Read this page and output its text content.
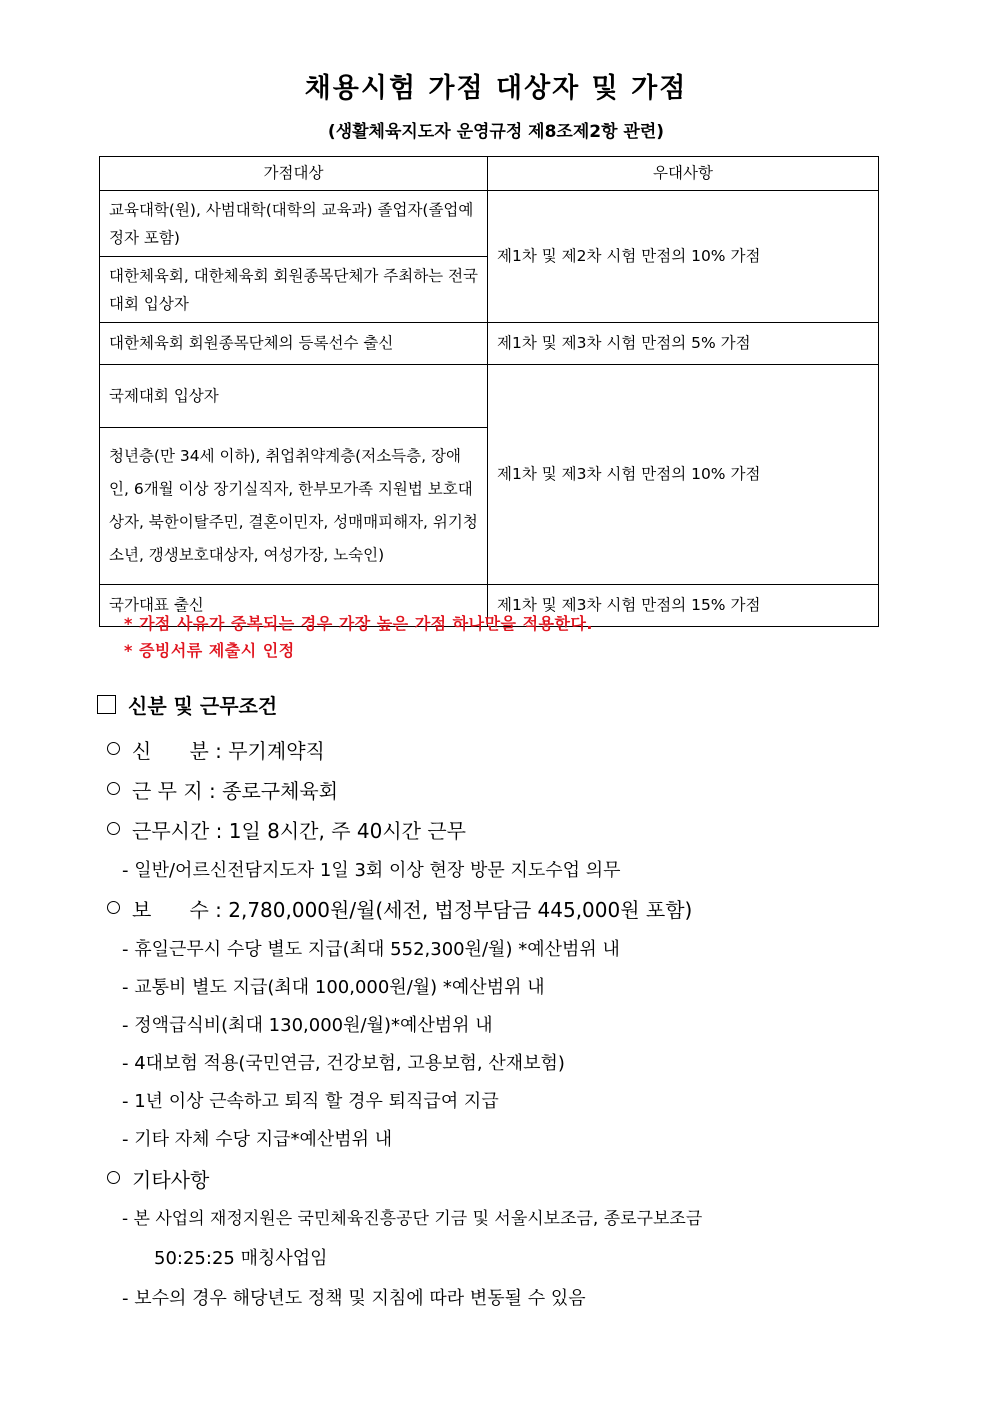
채용시험 가점 대상자 및 가점
(생활체육지도자 운영규정 제8조제2항 관련)
가점대상	우대사항
교육대학(원), 사범대학(대학의 교육과) 졸업자(졸업예정자 포함)	제1차 및 제2차 시험 만점의 10% 가점
대한체육회, 대한체육회 회원종목단체가 주최하는 전국대회 입상자	
대한체육회 회원종목단체의 등록선수 출신	제1차 및 제3차 시험 만점의 5% 가점
국제대회 입상자	제1차 및 제3차 시험 만점의 10% 가점
청년층(만 34세 이하), 취업취약계층(저소득층, 장애인, 6개월 이상 장기실직자, 한부모가족 지원법 보호대상자, 북한이탈주민, 결혼이민자, 성매매피해자, 위기청소년, 갱생보호대상자, 여성가장, 노숙인)	
국가대표 출신	제1차 및 제3차 시험 만점의 15% 가점
* 가점 사유가 중복되는 경우 가장 높은 가점 하나만을 적용한다.
* 증빙서류 제출시 인정
신분 및 근무조건
신      분 : 무기계약직
근 무 지 : 종로구체육회
근무시간 : 1일 8시간, 주 40시간 근무
- 일반/어르신전담지도자 1일 3회 이상 현장 방문 지도수업 의무
보      수 : 2,780,000원/월(세전, 법정부담금 445,000원 포함)
- 휴일근무시 수당 별도 지급(최대 552,300원/월) *예산범위 내
- 교통비 별도 지급(최대 100,000원/월) *예산범위 내
- 정액급식비(최대 130,000원/월)*예산범위 내
- 4대보험 적용(국민연금, 건강보험, 고용보험, 산재보험)
- 1년 이상 근속하고 퇴직 할 경우 퇴직급여 지급
- 기타 자체 수당 지급*예산범위 내
기타사항
- 본 사업의 재정지원은 국민체육진흥공단 기금 및 서울시보조금, 종로구보조금
50:25:25 매칭사업임
- 보수의 경우 해당년도 정책 및 지침에 따라 변동될 수 있음
